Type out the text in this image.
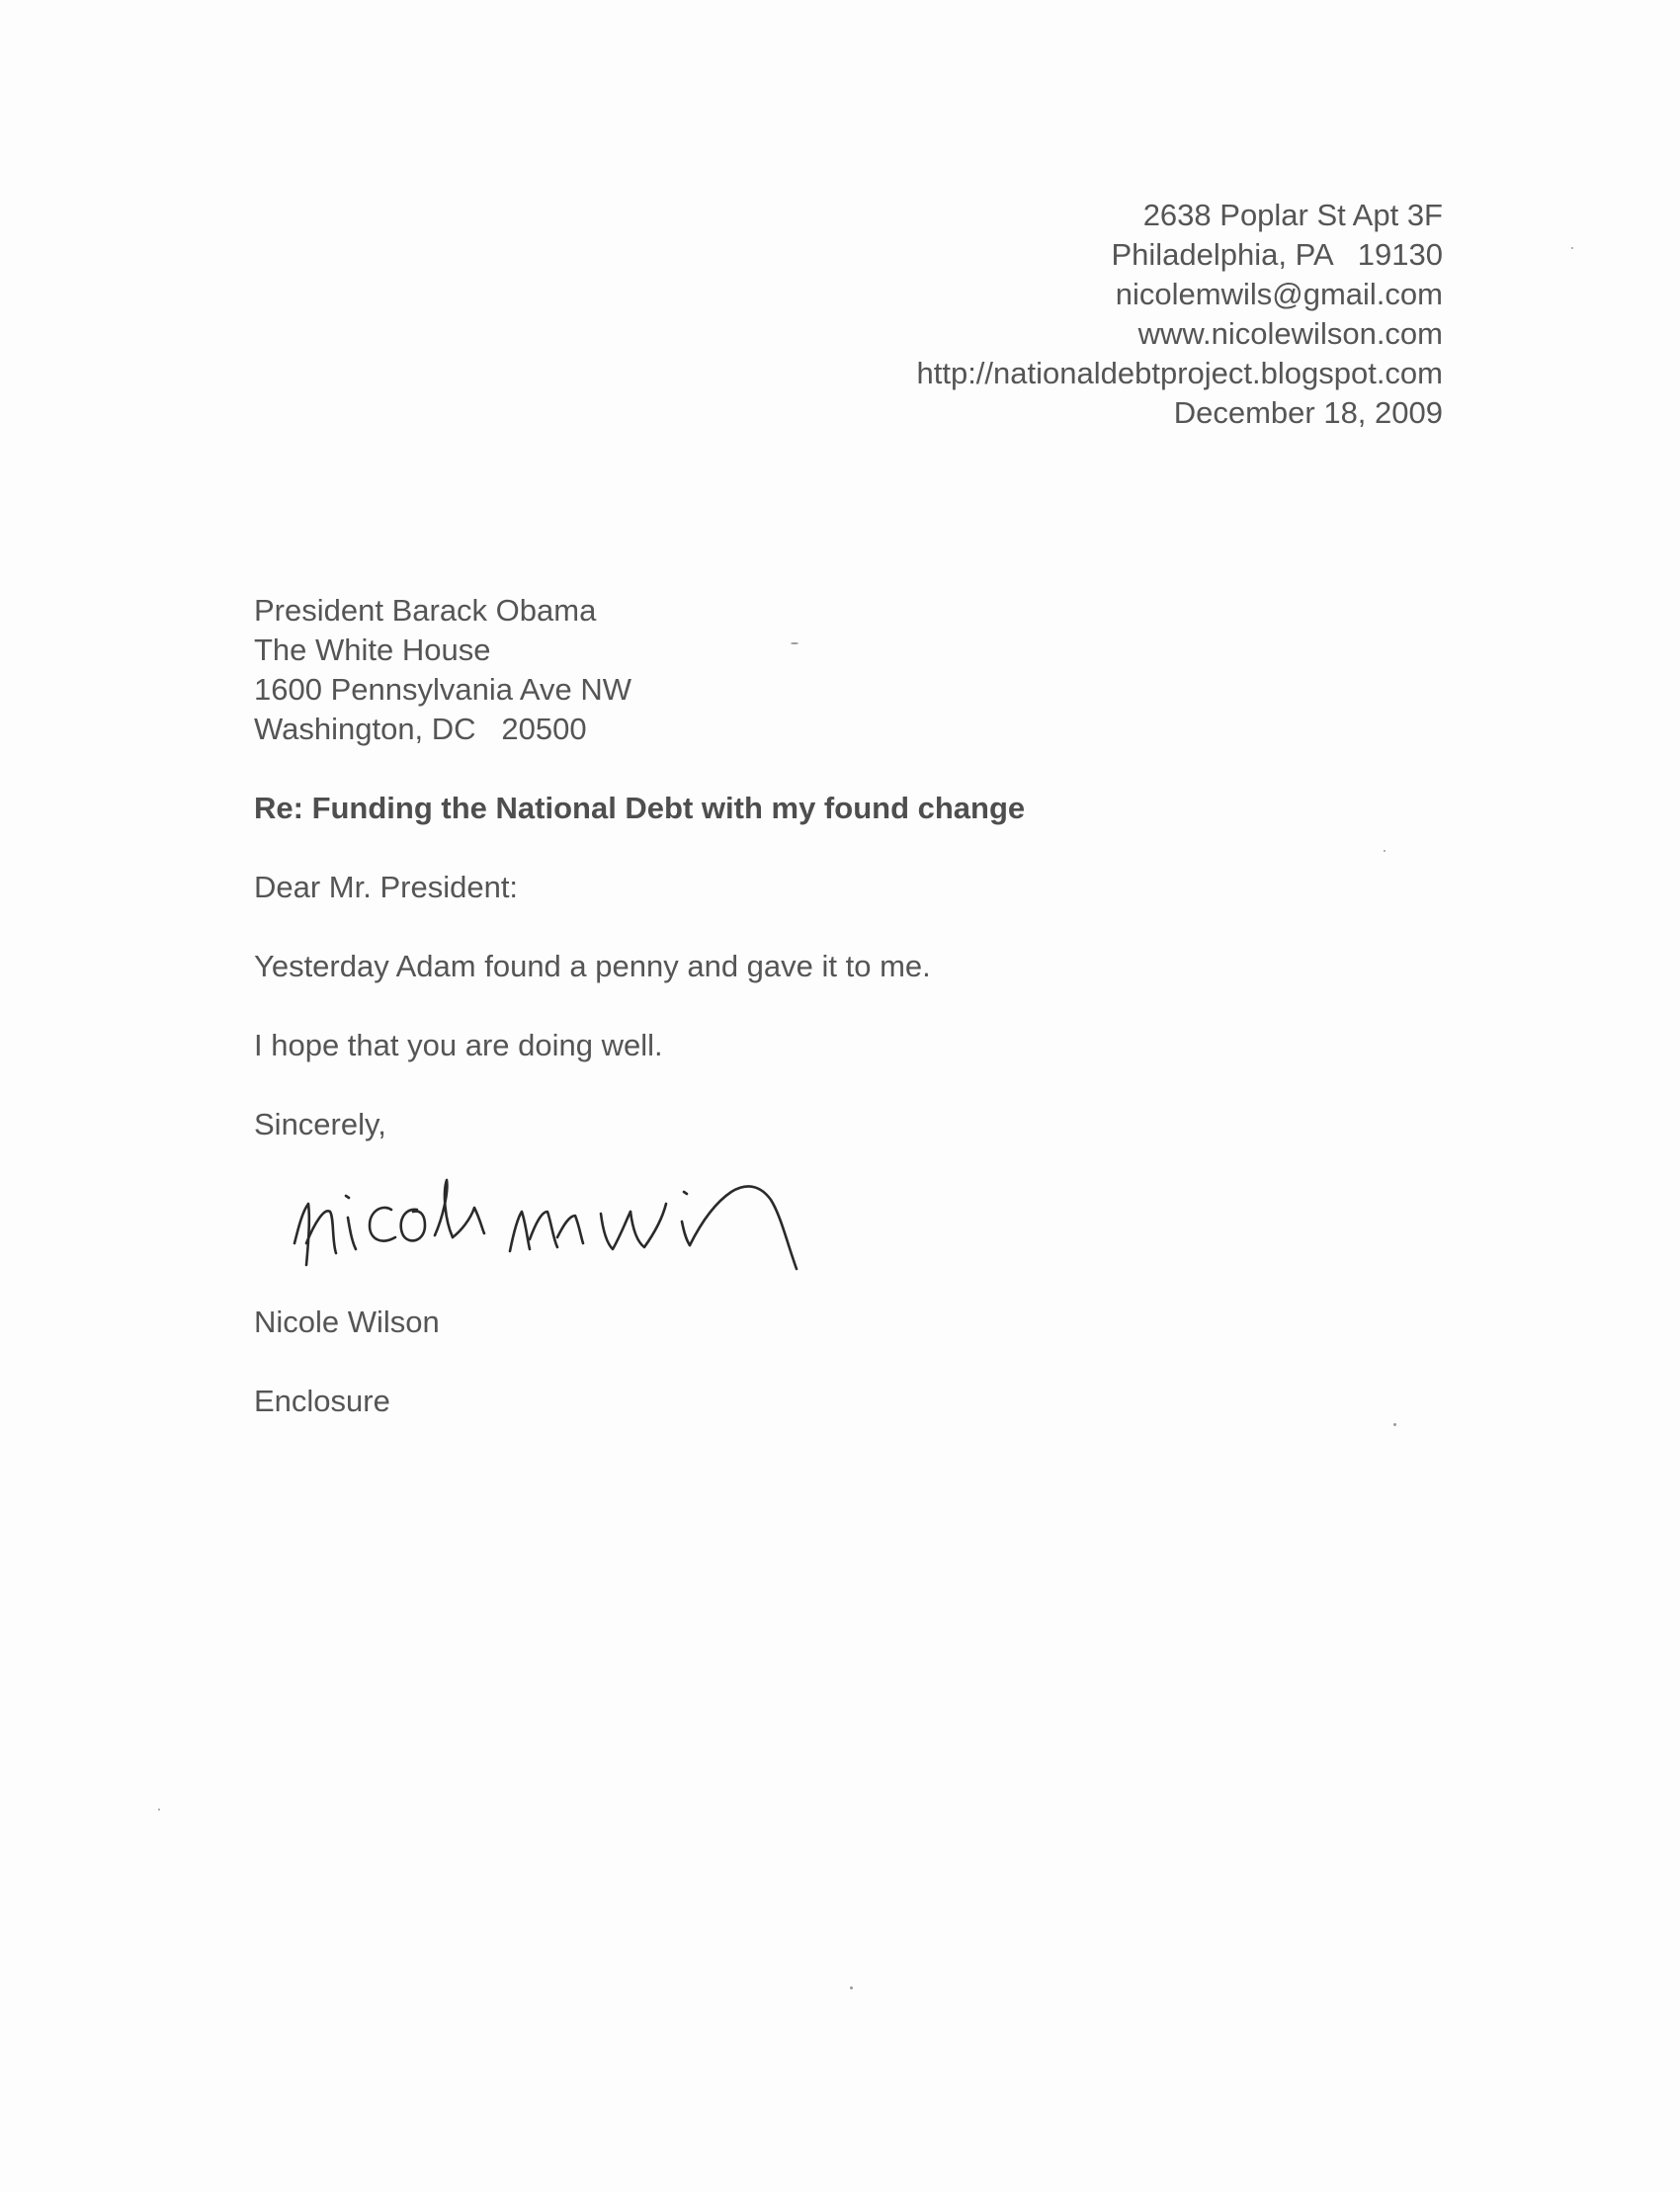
2638 Poplar St Apt 3F
Philadelphia, PA   19130
nicolemwils@gmail.com
www.nicolewilson.com
http://nationaldebtproject.blogspot.com
December 18, 2009
President Barack Obama
The White House
1600 Pennsylvania Ave NW
Washington, DC   20500
Re: Funding the National Debt with my found change
Dear Mr. President:
Yesterday Adam found a penny and gave it to me.
I hope that you are doing well.
Sincerely,
Nicole Wilson
Enclosure
